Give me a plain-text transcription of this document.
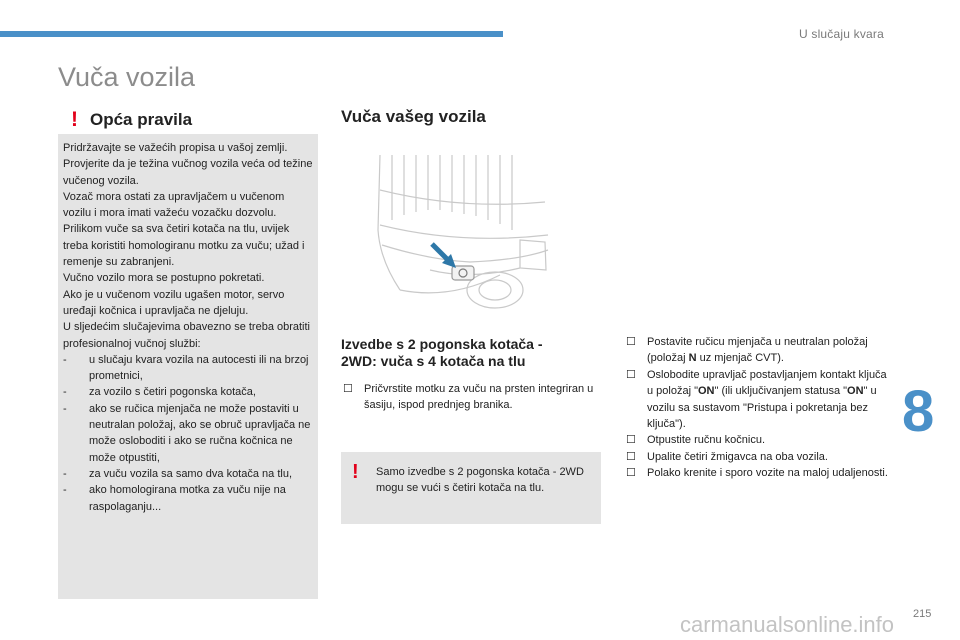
U slučaju kvara
Vuča vozila
! Opća pravila

Pridržavajte se važećih propisa u vašoj zemlji.

Provjerite da je težina vučnog vozila veća od težine vučenog vozila.

Vozač mora ostati za upravljačem u vučenom vozilu i mora imati važeću vozačku dozvolu.

Prilikom vuče sa sva četiri kotača na tlu, uvijek treba koristiti homologiranu motku za vuču; užad i remenje su zabranjeni.

Vučno vozilo mora se postupno pokretati.

Ako je u vučenom vozilu ugašen motor, servo uređaji kočnica i upravljača ne djeluju.

U sljedećim slučajevima obavezno se treba obratiti profesionalnoj vučnoj službi:

- u slučaju kvara vozila na autocesti ili na brzoj prometnici,
- za vozilo s četiri pogonska kotača,
- ako se ručica mjenjača ne može postaviti u neutralan položaj, ako se obruč upravljača ne može osloboditi i ako se ručna kočnica ne može otpustiti,
- za vuču vozila sa samo dva kotača na tlu,
- ako homologirana motka za vuču nije na raspolaganju...
Vuča vašeg vozila
Izvedbe s 2 pogonska kotača -
2WD: vuča s 4 kotača na tlu
☐ Pričvrstite motku za vuču na prsten integriran u šasiju, ispod prednjeg branika.
! Samo izvedbe s 2 pogonska kotača - 2WD mogu se vući s četiri kotača na tlu.
☐ Postavite ručicu mjenjača u neutralan položaj (položaj N uz mjenjač CVT).
☐ Oslobodite upravljač postavljanjem kontakt ključa u položaj "ON" (ili uključivanjem statusa "ON" u vozilu sa sustavom "Pristupa i pokretanja bez ključa").
☐ Otpustite ručnu kočnicu.
☐ Upalite četiri žmigavca na oba vozila.
☐ Polako krenite i sporo vozite na maloj udaljenosti.
8
carmanualsonline.info 215
